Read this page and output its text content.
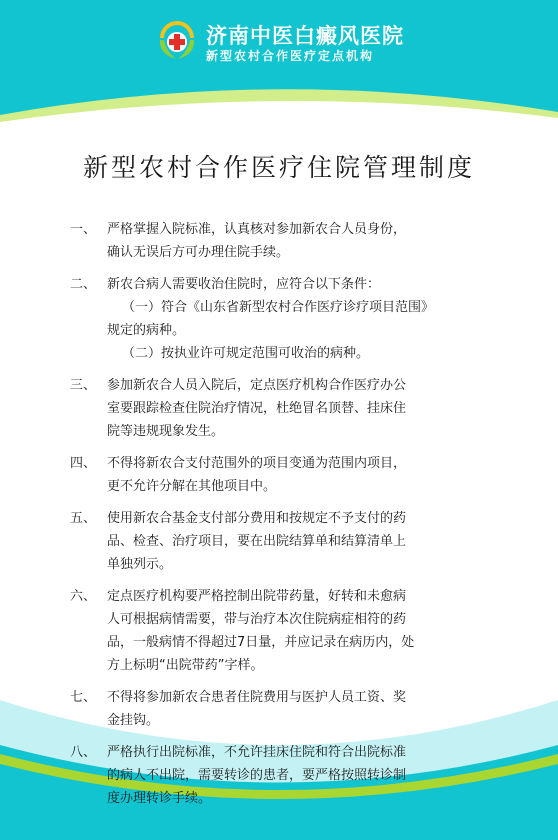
济南中医白癜风医院
新型农村合作医疗定点机构
新型农村合作医疗住院管理制度
一、 严格掌握入院标准，认真核对参加新农合人员身份，
确认无误后方可办理住院手续。
二、 新农合病人需要收治住院时，应符合以下条件：
（一）符合《山东省新型农村合作医疗诊疗项目范围》
规定的病种。
（二）按执业许可规定范围可收治的病种。
三、 参加新农合人员入院后，定点医疗机构合作医疗办公
室要跟踪检查住院治疗情况，杜绝冒名顶替、挂床住
院等违规现象发生。
四、 不得将新农合支付范围外的项目变通为范围内项目，
更不允许分解在其他项目中。
五、 使用新农合基金支付部分费用和按规定不予支付的药
品、检查、治疗项目，要在出院结算单和结算清单上
单独列示。
六、 定点医疗机构要严格控制出院带药量，好转和未愈病
人可根据病情需要，带与治疗本次住院病症相符的药
品，一般病情不得超过7日量，并应记录在病历内，处
方上标明“出院带药”字样。
七、 不得将参加新农合患者住院费用与医护人员工资、奖
金挂钩。
八、 严格执行出院标准，不允许挂床住院和符合出院标准
的病人不出院，需要转诊的患者，要严格按照转诊制
度办理转诊手续。
